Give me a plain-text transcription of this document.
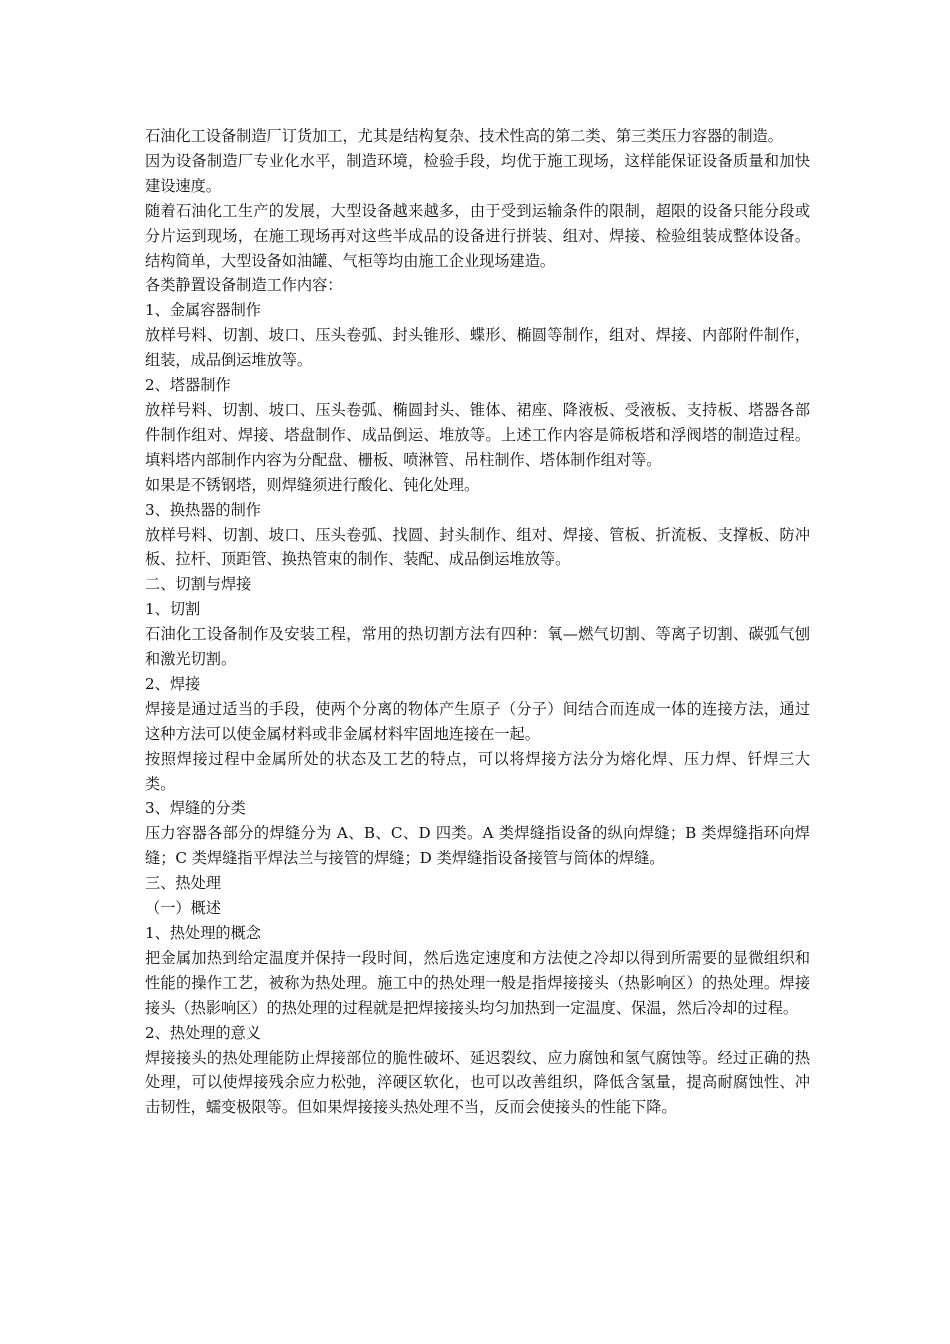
石油化工设备制造厂订货加工，尤其是结构复杂、技术性高的第二类、第三类压力容器的制造。

因为设备制造厂专业化水平，制造环境，检验手段，均优于施工现场，这样能保证设备质量和加快建设速度。

随着石油化工生产的发展，大型设备越来越多，由于受到运输条件的限制，超限的设备只能分段或分片运到现场，在施工现场再对这些半成品的设备进行拼装、组对、焊接、检验组装成整体设备。结构简单，大型设备如油罐、气柜等均由施工企业现场建造。

各类静置设备制造工作内容：

1、金属容器制作

放样号料、切割、坡口、压头卷弧、封头锥形、蝶形、椭圆等制作，组对、焊接、内部附件制作，组装，成品倒运堆放等。

2、塔器制作

放样号料、切割、坡口、压头卷弧、椭圆封头、锥体、裙座、降液板、受液板、支持板、塔器各部件制作组对、焊接、塔盘制作、成品倒运、堆放等。上述工作内容是筛板塔和浮阀塔的制造过程。填料塔内部制作内容为分配盘、栅板、喷淋管、吊柱制作、塔体制作组对等。

如果是不锈钢塔，则焊缝须进行酸化、钝化处理。

3、换热器的制作

放样号料、切割、坡口、压头卷弧、找圆、封头制作、组对、焊接、管板、折流板、支撑板、防冲板、拉杆、顶距管、换热管束的制作、装配、成品倒运堆放等。

二、切割与焊接

1、切割

石油化工设备制作及安装工程，常用的热切割方法有四种：氧—燃气切割、等离子切割、碳弧气刨和激光切割。

2、焊接

焊接是通过适当的手段，使两个分离的物体产生原子（分子）间结合而连成一体的连接方法，通过这种方法可以使金属材料或非金属材料牢固地连接在一起。

按照焊接过程中金属所处的状态及工艺的特点，可以将焊接方法分为熔化焊、压力焊、钎焊三大类。

3、焊缝的分类

压力容器各部分的焊缝分为 A、B、C、D 四类。A 类焊缝指设备的纵向焊缝；B 类焊缝指环向焊缝；C 类焊缝指平焊法兰与接管的焊缝；D 类焊缝指设备接管与筒体的焊缝。

三、热处理

（一）概述

1、热处理的概念

把金属加热到给定温度并保持一段时间，然后选定速度和方法使之冷却以得到所需要的显微组织和性能的操作工艺，被称为热处理。施工中的热处理一般是指焊接接头（热影响区）的热处理。焊接接头（热影响区）的热处理的过程就是把焊接接头均匀加热到一定温度、保温，然后冷却的过程。

2、热处理的意义

焊接接头的热处理能防止焊接部位的脆性破坏、延迟裂纹、应力腐蚀和氢气腐蚀等。经过正确的热处理，可以使焊接残余应力松弛，淬硬区软化，也可以改善组织，降低含氢量，提高耐腐蚀性、冲击韧性，蠕变极限等。但如果焊接接头热处理不当，反而会使接头的性能下降。
